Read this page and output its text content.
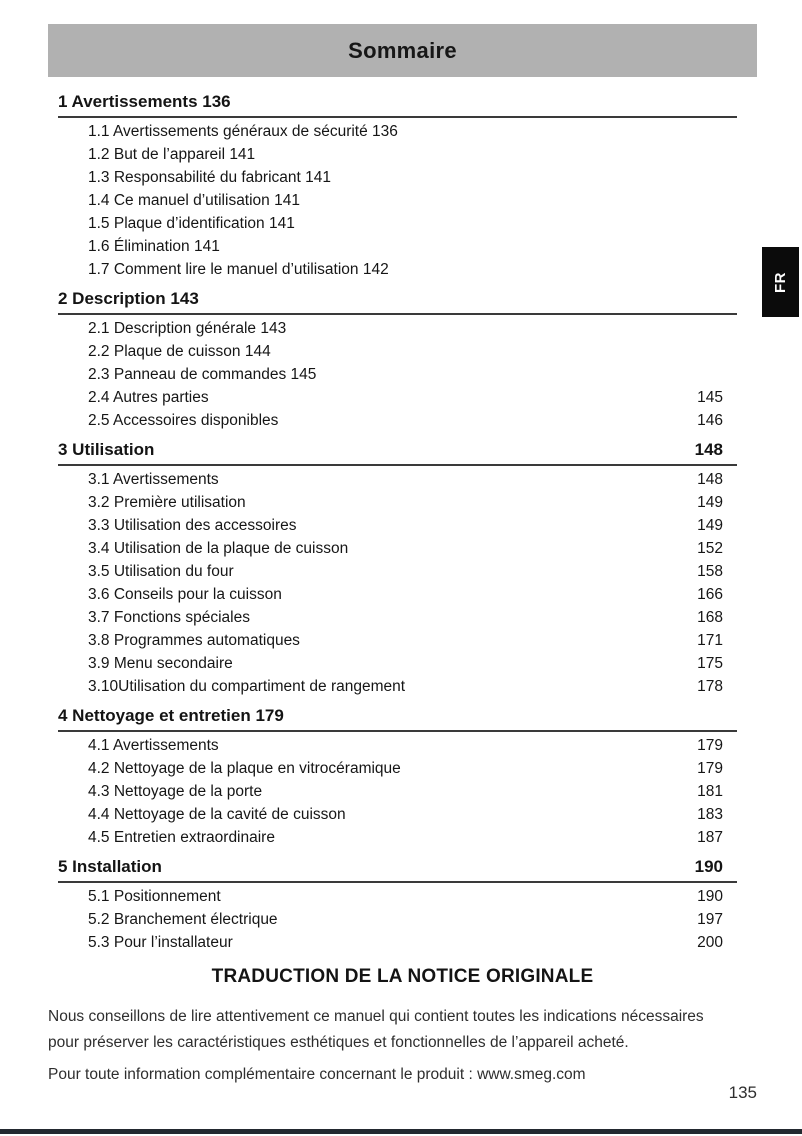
Sommaire
FR
1 Avertissements 136
1.1 Avertissements généraux de sécurité 136
1.2 But de l’appareil 141
1.3 Responsabilité du fabricant 141
1.4 Ce manuel d’utilisation 141
1.5 Plaque d’identification 141
1.6 Élimination 141
1.7 Comment lire le manuel d’utilisation 142
2 Description 143
2.1 Description générale 143
2.2 Plaque de cuisson 144
2.3 Panneau de commandes 145
2.4 Autres parties	145
2.5 Accessoires disponibles	146
3 Utilisation	148
3.1 Avertissements	148
3.2 Première utilisation	149
3.3 Utilisation des accessoires	149
3.4 Utilisation de la plaque de cuisson	152
3.5 Utilisation du four	158
3.6 Conseils pour la cuisson	166
3.7 Fonctions spéciales	168
3.8 Programmes automatiques	171
3.9 Menu secondaire	175
3.10Utilisation du compartiment de rangement	178
4 Nettoyage et entretien 179
4.1 Avertissements	179
4.2 Nettoyage de la plaque en vitrocéramique	179
4.3 Nettoyage de la porte	181
4.4 Nettoyage de la cavité de cuisson	183
4.5 Entretien extraordinaire	187
5 Installation	190
5.1 Positionnement	190
5.2 Branchement électrique	197
5.3 Pour l’installateur	200
TRADUCTION DE LA NOTICE ORIGINALE
Nous conseillons de lire attentivement ce manuel qui contient toutes les indications nécessaires
pour préserver les caractéristiques esthétiques et fonctionnelles de l’appareil acheté.
Pour toute information complémentaire concernant le produit : www.smeg.com
135
